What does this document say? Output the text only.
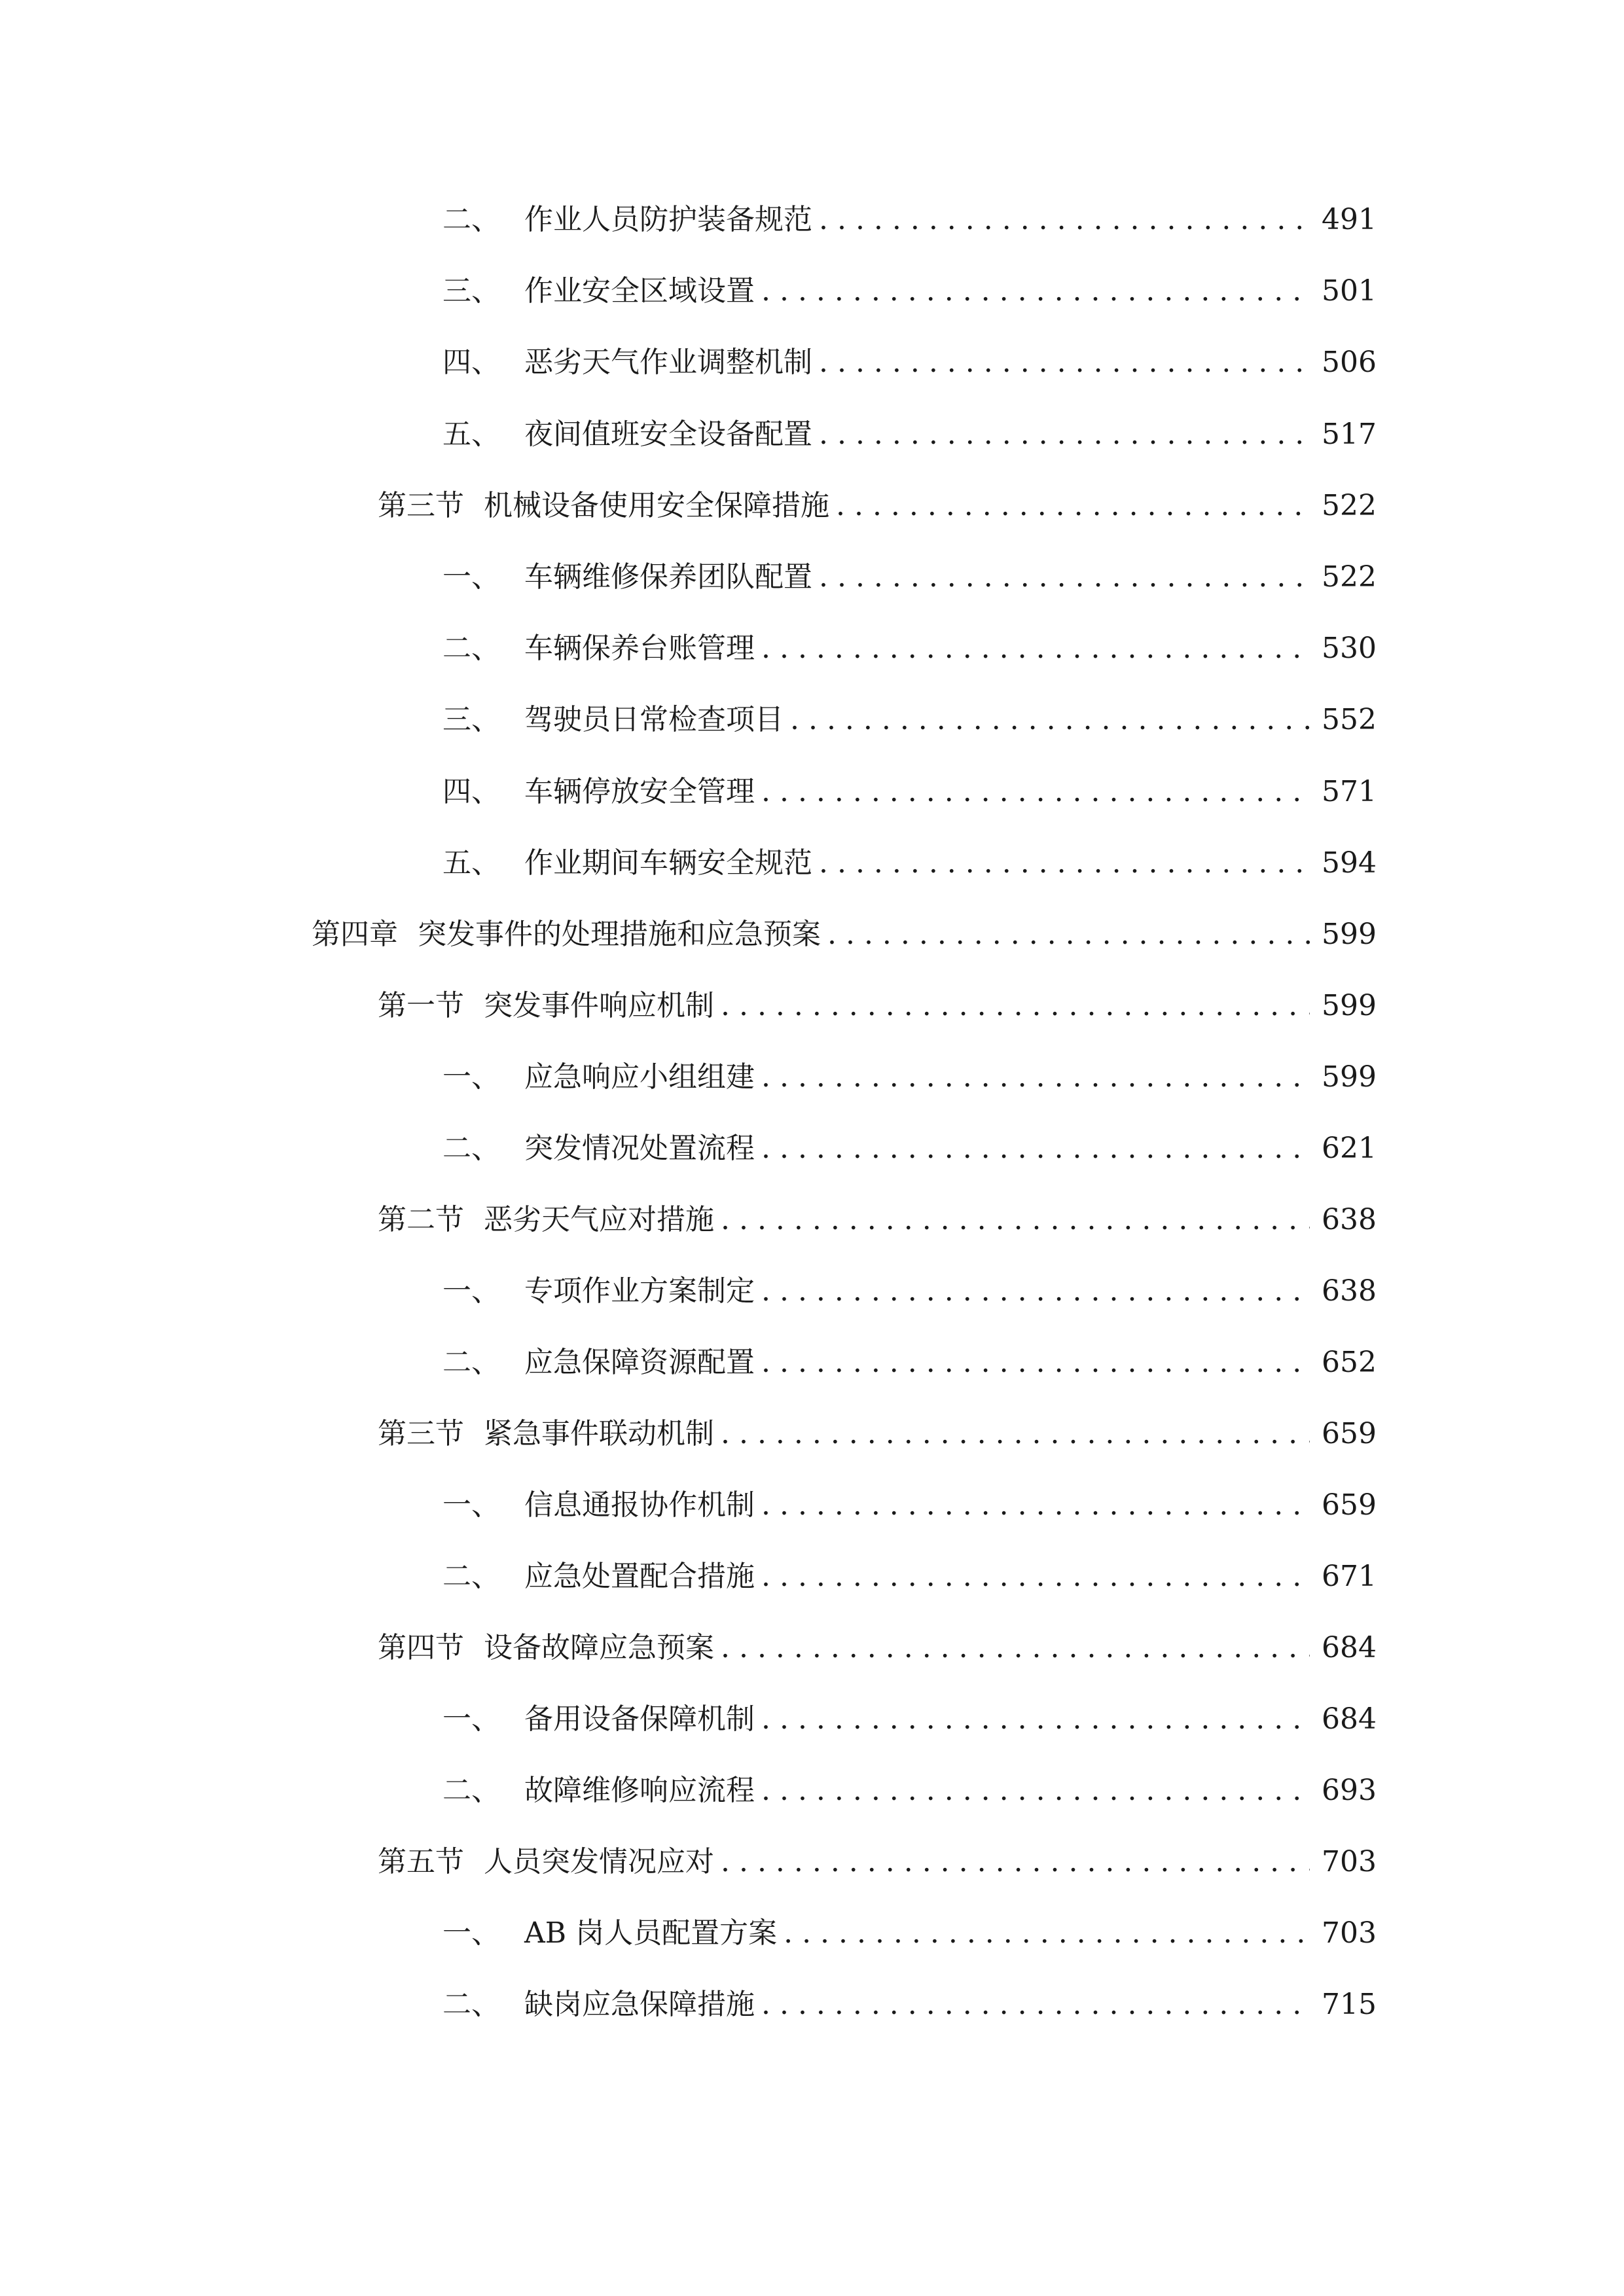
二、 作业人员防护装备规范 . . .	491
三、 作业安全区域设置 . . .	501
四、 恶劣天气作业调整机制 . . .	506
五、 夜间值班安全设备配置 . . .	517
第三节 机械设备使用安全保障措施 . . .	522
一、 车辆维修保养团队配置 . . .	522
二、 车辆保养台账管理 . . .	530
三、 驾驶员日常检查项目 . . .	552
四、 车辆停放安全管理 . . .	571
五、 作业期间车辆安全规范 . . .	594
第四章 突发事件的处理措施和应急预案 . . .	599
第一节 突发事件响应机制 . . .	599
一、 应急响应小组组建 . . .	599
二、 突发情况处置流程 . . .	621
第二节 恶劣天气应对措施 . . .	638
一、 专项作业方案制定 . . .	638
二、 应急保障资源配置 . . .	652
第三节 紧急事件联动机制 . . .	659
一、 信息通报协作机制 . . .	659
二、 应急处置配合措施 . . .	671
第四节 设备故障应急预案 . . .	684
一、 备用设备保障机制 . . .	684
二、 故障维修响应流程 . . .	693
第五节 人员突发情况应对 . . .	703
一、 AB 岗人员配置方案 . . .	703
二、 缺岗应急保障措施 . . .	715
